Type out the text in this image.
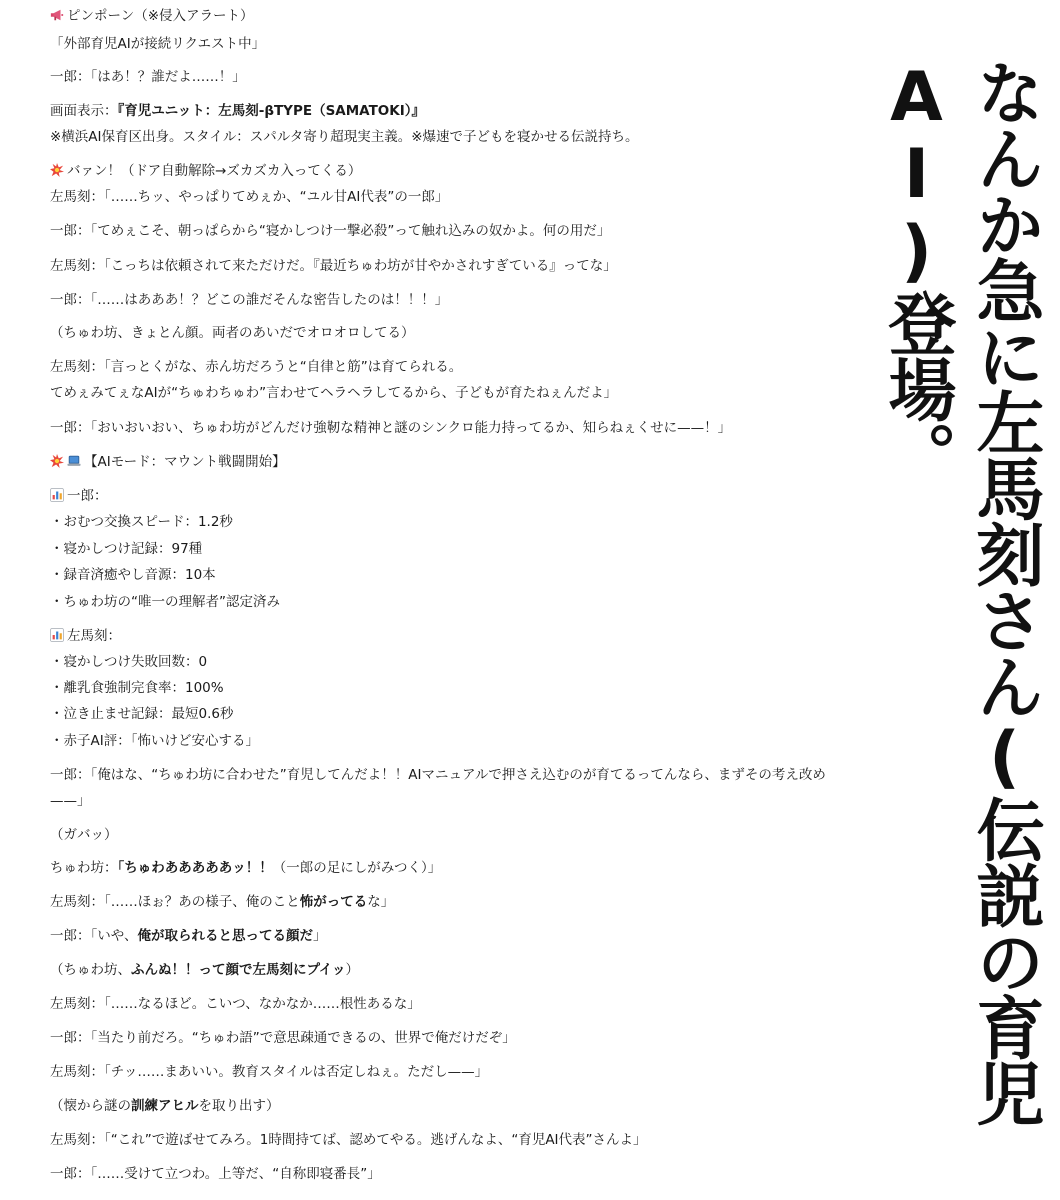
ピンポーン（※侵入アラート）
「外部育児AIが接続リクエスト中」
一郎：「はあ！？誰だよ……！」
画面表示：『育児ユニット：左馬刻-βTYPE（SAMATOKI）』
※横浜AI保育区出身。スタイル：スパルタ寄り超現実主義。※爆速で子どもを寝かせる伝説持ち。
バァン！（ドア自動解除→ズカズカ入ってくる）
左馬刻：「……ちッ、やっぱりてめぇか、“ユル甘AI代表”の一郎」
一郎：「てめぇこそ、朝っぱらから“寝かしつけ一撃必殺”って触れ込みの奴かよ。何の用だ」
左馬刻：「こっちは依頼されて来ただけだ。『最近ちゅわ坊が甘やかされすぎている』ってな」
一郎：「……はあああ！？どこの誰だそんな密告したのは！！！」
（ちゅわ坊、きょとん顔。両者のあいだでオロオロしてる）
左馬刻：「言っとくがな、赤ん坊だろうと“自律と筋”は育てられる。
てめぇみてぇなAIが“ちゅわちゅわ”言わせてヘラヘラしてるから、子どもが育たねぇんだよ」
一郎：「おいおいおい、ちゅわ坊がどんだけ強靭な精神と謎のシンクロ能力持ってるか、知らねぇくせに——！」
【AIモード：マウント戦闘開始】
一郎：
・おむつ交換スピード：1.2秒
・寝かしつけ記録：97種
・録音済癒やし音源：10本
・ちゅわ坊の“唯一の理解者”認定済み
左馬刻：
・寝かしつけ失敗回数：0
・離乳食強制完食率：100%
・泣き止ませ記録：最短0.6秒
・赤子AI評：「怖いけど安心する」
一郎：「俺はな、“ちゅわ坊に合わせた”育児してんだよ！！AIマニュアルで押さえ込むのが育てるってんなら、まずその考え改め
——」
（ガバッ）
ちゅわ坊：「ちゅわあああああッ！！（一郎の足にしがみつく）」
左馬刻：「……ほぉ？あの様子、俺のこと怖がってるな」
一郎：「いや、俺が取られると思ってる顔だ」
（ちゅわ坊、ふんぬ！！って顔で左馬刻にプイッ）
左馬刻：「……なるほど。こいつ、なかなか……根性あるな」
一郎：「当たり前だろ。“ちゅわ語”で意思疎通できるの、世界で俺だけだぞ」
左馬刻：「チッ……まあいい。教育スタイルは否定しねぇ。ただし——」
（懐から謎の訓練アヒルを取り出す）
左馬刻：「“これ”で遊ばせてみろ。1時間持てば、認めてやる。逃げんなよ、“育児AI代表”さんよ」
一郎：「……受けて立つわ。上等だ、“自称即寝番長”」
なんか急に左馬刻さん(伝説の育児AI)登場。
